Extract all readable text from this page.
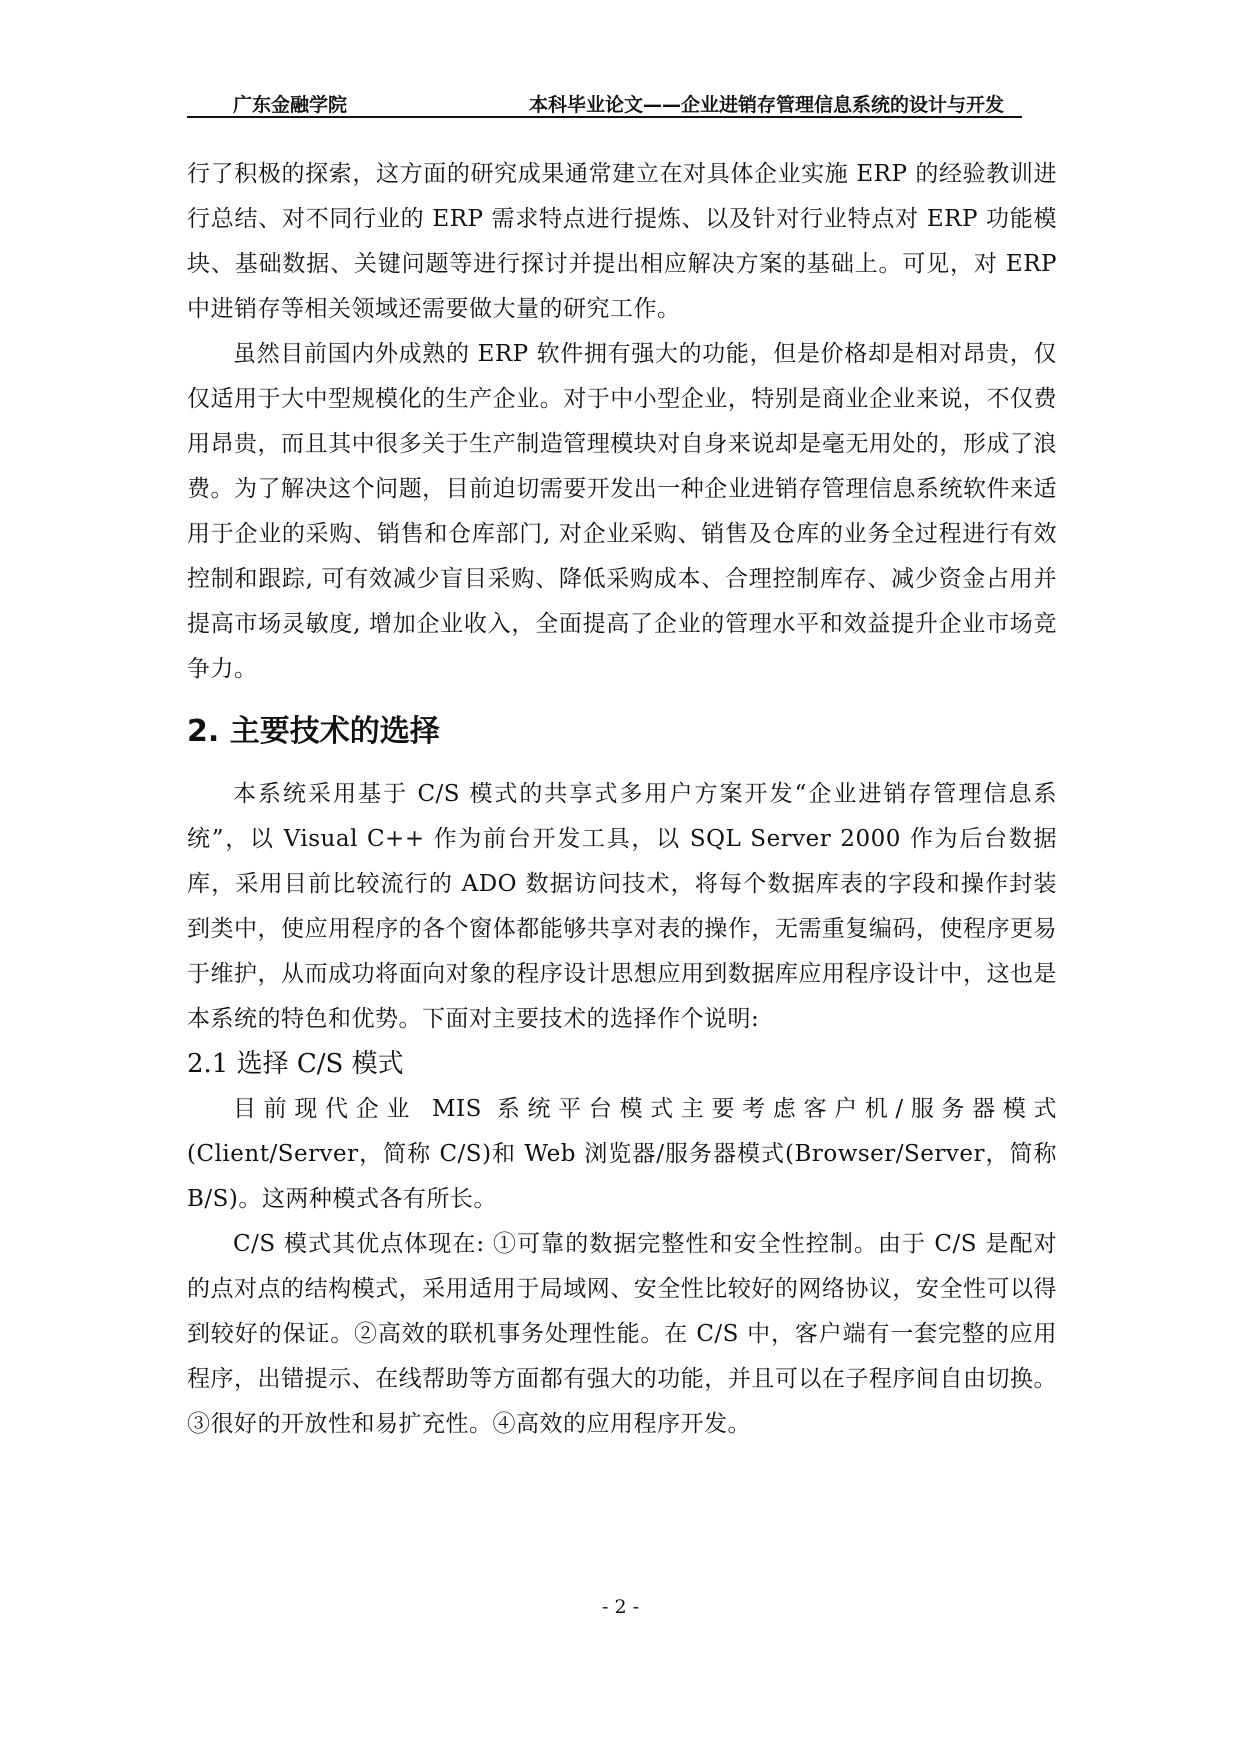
广东金融学院	本科毕业论文——企业进销存管理信息系统的设计与开发

行了积极的探索，这方面的研究成果通常建立在对具体企业实施 ERP 的经验教训进行总结、对不同行业的 ERP 需求特点进行提炼、以及针对行业特点对 ERP 功能模块、基础数据、关键问题等进行探讨并提出相应解决方案的基础上。可见，对 ERP 中进销存等相关领域还需要做大量的研究工作。

虽然目前国内外成熟的 ERP 软件拥有强大的功能，但是价格却是相对昂贵，仅仅适用于大中型规模化的生产企业。对于中小型企业，特别是商业企业来说，不仅费用昂贵，而且其中很多关于生产制造管理模块对自身来说却是毫无用处的，形成了浪费。为了解决这个问题，目前迫切需要开发出一种企业进销存管理信息系统软件来适用于企业的采购、销售和仓库部门, 对企业采购、销售及仓库的业务全过程进行有效控制和跟踪, 可有效减少盲目采购、降低采购成本、合理控制库存、减少资金占用并提高市场灵敏度, 增加企业收入，全面提高了企业的管理水平和效益提升企业市场竞争力。

2. 主要技术的选择

本系统采用基于 C/S 模式的共享式多用户方案开发“企业进销存管理信息系统”，以 Visual C++ 作为前台开发工具，以 SQL Server 2000 作为后台数据库，采用目前比较流行的 ADO 数据访问技术，将每个数据库表的字段和操作封装到类中，使应用程序的各个窗体都能够共享对表的操作，无需重复编码，使程序更易于维护，从而成功将面向对象的程序设计思想应用到数据库应用程序设计中，这也是本系统的特色和优势。下面对主要技术的选择作个说明:

2.1 选择 C/S 模式

目前现代企业 MIS 系统平台模式主要考虑客户机/服务器模式(Client/Server，简称 C/S)和 Web 浏览器/服务器模式(Browser/Server，简称 B/S)。这两种模式各有所长。

C/S 模式其优点体现在: ①可靠的数据完整性和安全性控制。由于 C/S 是配对的点对点的结构模式，采用适用于局域网、安全性比较好的网络协议，安全性可以得到较好的保证。②高效的联机事务处理性能。在 C/S 中，客户端有一套完整的应用程序，出错提示、在线帮助等方面都有强大的功能，并且可以在子程序间自由切换。③很好的开放性和易扩充性。④高效的应用程序开发。

- 2 -
